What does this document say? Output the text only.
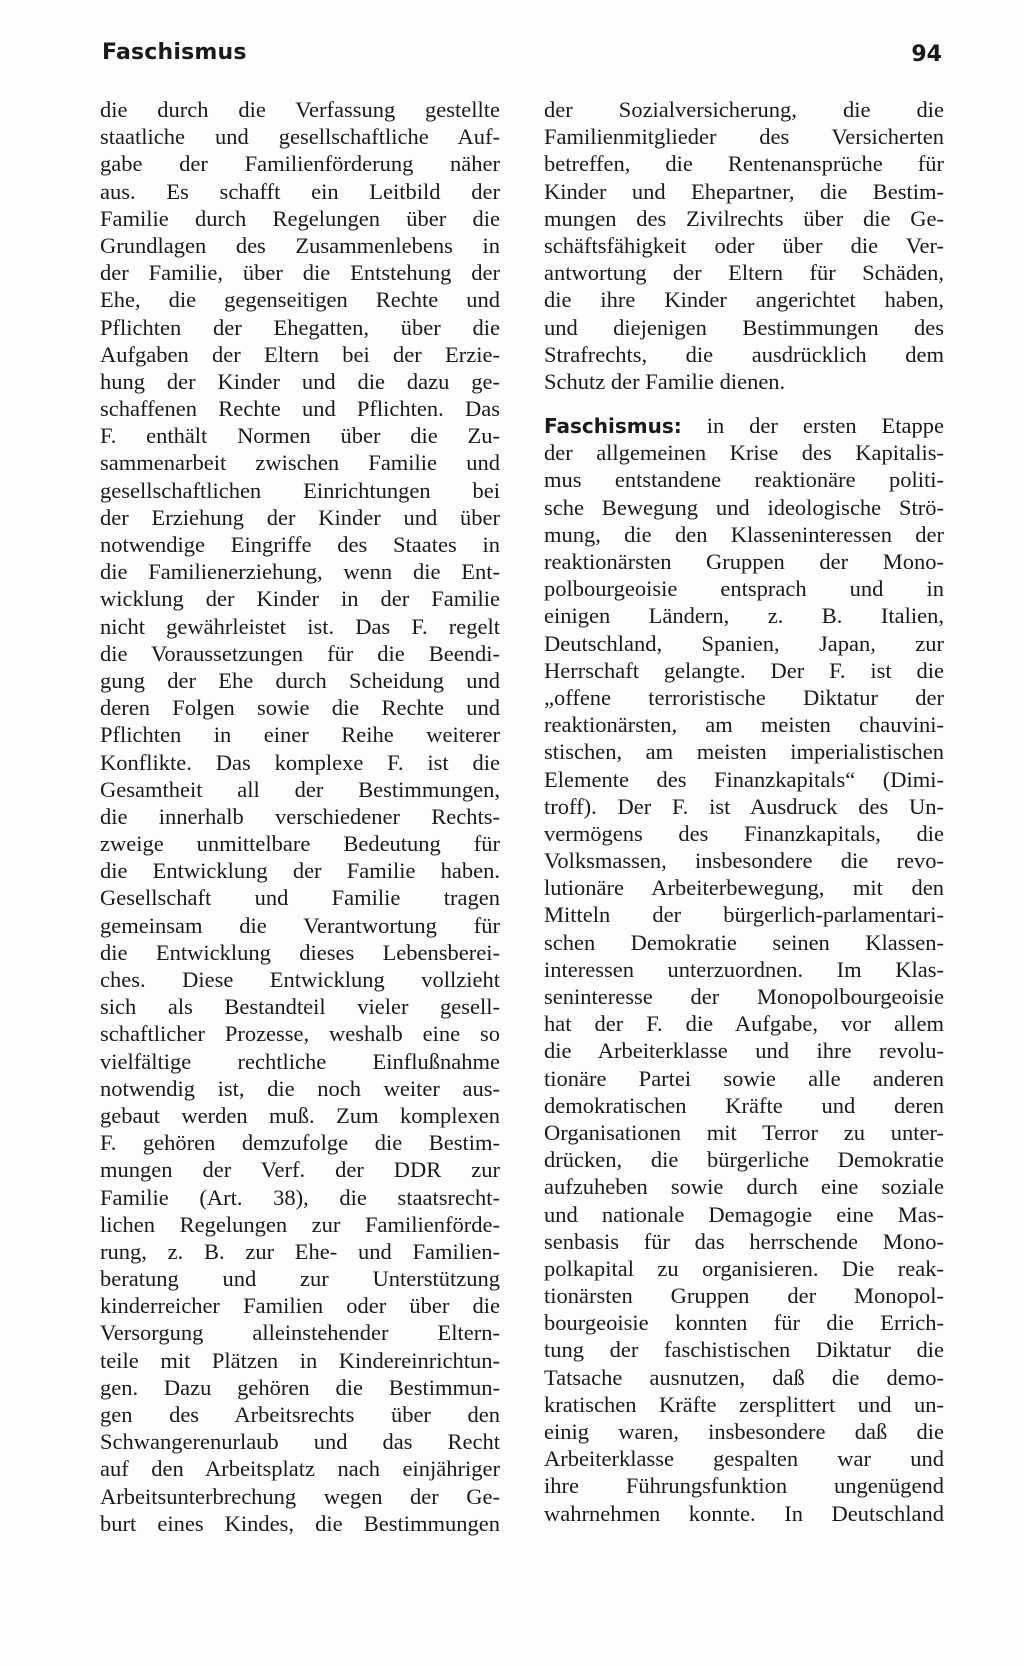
Faschismus	94
die durch die Verfassung gestellte
staatliche und gesellschaftliche Auf-
gabe der Familienförderung näher
aus. Es schafft ein Leitbild der
Familie durch Regelungen über die
Grundlagen des Zusammenlebens in
der Familie, über die Entstehung der
Ehe, die gegenseitigen Rechte und
Pflichten der Ehegatten, über die
Aufgaben der Eltern bei der Erzie-
hung der Kinder und die dazu ge-
schaffenen Rechte und Pflichten. Das
F. enthält Normen über die Zu-
sammenarbeit zwischen Familie und
gesellschaftlichen Einrichtungen bei
der Erziehung der Kinder und über
notwendige Eingriffe des Staates in
die Familienerziehung, wenn die Ent-
wicklung der Kinder in der Familie
nicht gewährleistet ist. Das F. regelt
die Voraussetzungen für die Beendi-
gung der Ehe durch Scheidung und
deren Folgen sowie die Rechte und
Pflichten in einer Reihe weiterer
Konflikte. Das komplexe F. ist die
Gesamtheit all der Bestimmungen,
die innerhalb verschiedener Rechts-
zweige unmittelbare Bedeutung für
die Entwicklung der Familie haben.
Gesellschaft und Familie tragen
gemeinsam die Verantwortung für
die Entwicklung dieses Lebensberei-
ches. Diese Entwicklung vollzieht
sich als Bestandteil vieler gesell-
schaftlicher Prozesse, weshalb eine so
vielfältige rechtliche Einflußnahme
notwendig ist, die noch weiter aus-
gebaut werden muß. Zum komplexen
F. gehören demzufolge die Bestim-
mungen der Verf. der DDR zur
Familie (Art. 38), die staatsrecht-
lichen Regelungen zur Familienförde-
rung, z. B. zur Ehe- und Familien-
beratung und zur Unterstützung
kinderreicher Familien oder über die
Versorgung alleinstehender Eltern-
teile mit Plätzen in Kindereinrichtun-
gen. Dazu gehören die Bestimmun-
gen des Arbeitsrechts über den
Schwangerenurlaub und das Recht
auf den Arbeitsplatz nach einjähriger
Arbeitsunterbrechung wegen der Ge-
burt eines Kindes, die Bestimmungen
der Sozialversicherung, die die
Familienmitglieder des Versicherten
betreffen, die Rentenansprüche für
Kinder und Ehepartner, die Bestim-
mungen des Zivilrechts über die Ge-
schäftsfähigkeit oder über die Ver-
antwortung der Eltern für Schäden,
die ihre Kinder angerichtet haben,
und diejenigen Bestimmungen des
Strafrechts, die ausdrücklich dem
Schutz der Familie dienen.
Faschismus: in der ersten Etappe
der allgemeinen Krise des Kapitalis-
mus entstandene reaktionäre politi-
sche Bewegung und ideologische Strö-
mung, die den Klasseninteressen der
reaktionärsten Gruppen der Mono-
polbourgeoisie entsprach und in
einigen Ländern, z. B. Italien,
Deutschland, Spanien, Japan, zur
Herrschaft gelangte. Der F. ist die
„offene terroristische Diktatur der
reaktionärsten, am meisten chauvini-
stischen, am meisten imperialistischen
Elemente des Finanzkapitals“ (Dimi-
troff). Der F. ist Ausdruck des Un-
vermögens des Finanzkapitals, die
Volksmassen, insbesondere die revo-
lutionäre Arbeiterbewegung, mit den
Mitteln der bürgerlich-parlamentari-
schen Demokratie seinen Klassen-
interessen unterzuordnen. Im Klas-
seninteresse der Monopolbourgeoisie
hat der F. die Aufgabe, vor allem
die Arbeiterklasse und ihre revolu-
tionäre Partei sowie alle anderen
demokratischen Kräfte und deren
Organisationen mit Terror zu unter-
drücken, die bürgerliche Demokratie
aufzuheben sowie durch eine soziale
und nationale Demagogie eine Mas-
senbasis für das herrschende Mono-
polkapital zu organisieren. Die reak-
tionärsten Gruppen der Monopol-
bourgeoisie konnten für die Errich-
tung der faschistischen Diktatur die
Tatsache ausnutzen, daß die demo-
kratischen Kräfte zersplittert und un-
einig waren, insbesondere daß die
Arbeiterklasse gespalten war und
ihre Führungsfunktion ungenügend
wahrnehmen konnte. In Deutschland
